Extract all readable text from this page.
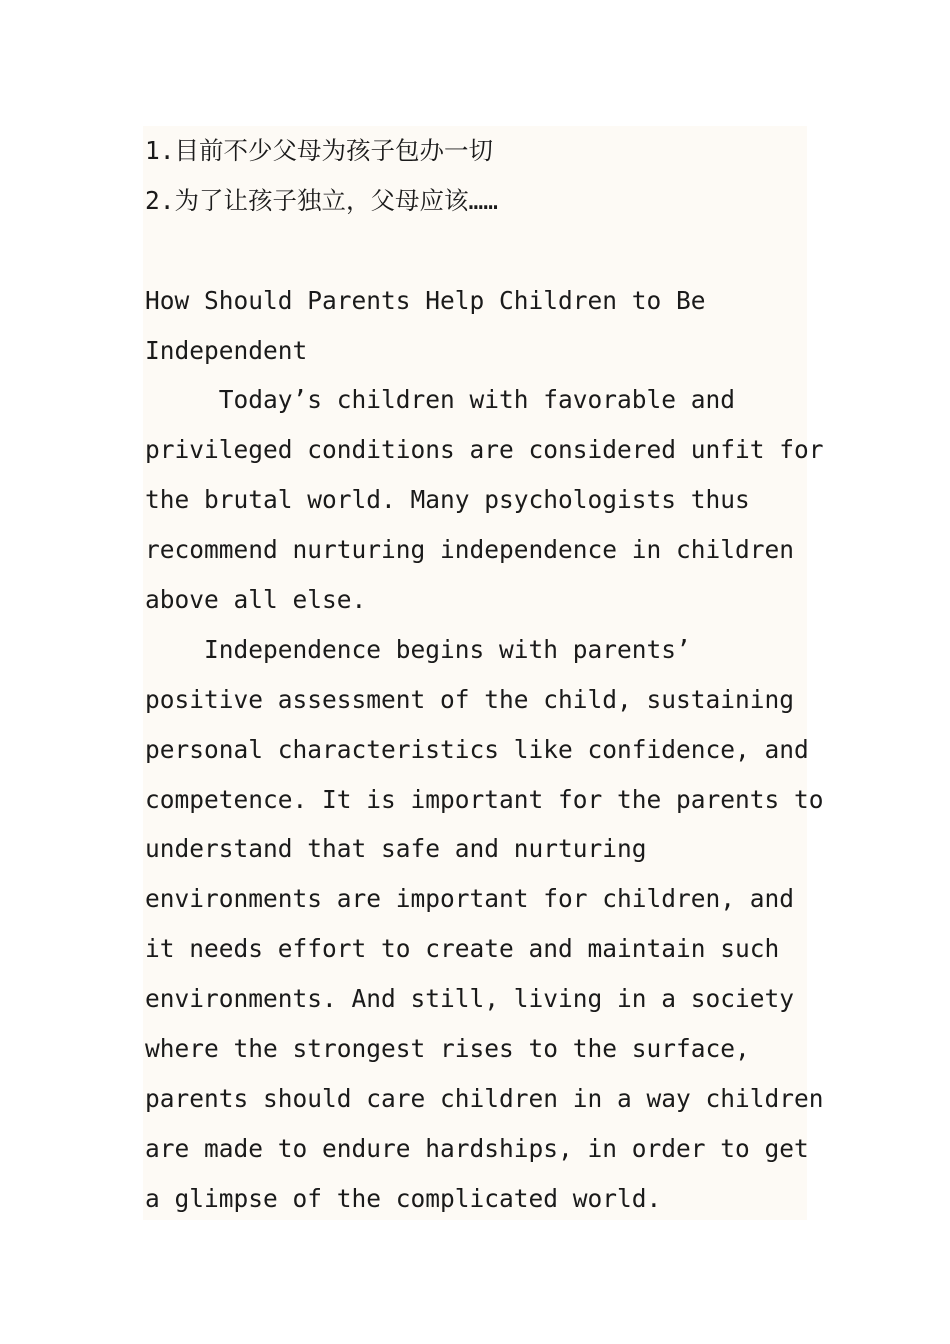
1.目前不少父母为孩子包办一切
2.为了让孩子独立，父母应该……
How Should Parents Help Children to Be
Independent
Today’s children with favorable and
privileged conditions are considered unfit for
the brutal world. Many psychologists thus
recommend nurturing independence in children
above all else.
Independence begins with parents’
positive assessment of the child, sustaining
personal characteristics like confidence, and
competence. It is important for the parents to
understand that safe and nurturing
environments are important for children, and
it needs effort to create and maintain such
environments. And still, living in a society
where the strongest rises to the surface,
parents should care children in a way children
are made to endure hardships, in order to get
a glimpse of the complicated world.
